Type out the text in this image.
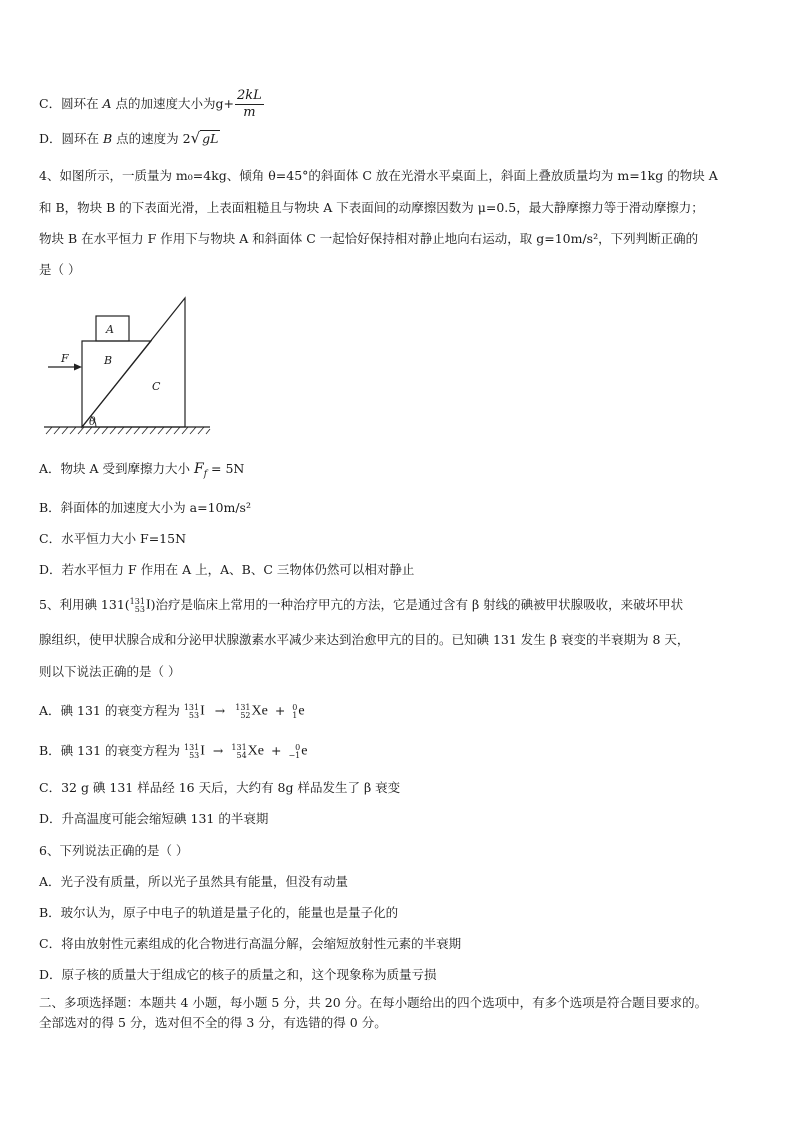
C．圆环在 A 点的加速度大小为$g+ \frac{2kL}{m}$
D．圆环在 B 点的速度为 2√ gL
4、如图所示，一质量为 m₀=4kg、倾角 θ=45°的斜面体 C 放在光滑水平桌面上，斜面上叠放质量均为 m=1kg 的物块 A
和 B，物块 B 的下表面光滑，上表面粗糙且与物块 A 下表面间的动摩擦因数为 μ=0.5，最大静摩擦力等于滑动摩擦力；
物块 B 在水平恒力 F 作用下与物块 A 和斜面体 C 一起恰好保持相对静止地向右运动，取 g=10m/s²，下列判断正确的
是（ ）
F
A
B
C
θ
A．物块 A 受到摩擦力大小 $F_f = 5N$
B．斜面体的加速度大小为 a=10m/s²
C．水平恒力大小 F=15N
D．若水平恒力 F 作用在 A 上，A、B、C 三物体仍然可以相对静止
5、利用碘 131( 131
53 I)治疗是临床上常用的一种治疗甲亢的方法，它是通过含有 β 射线的碘被甲状腺吸收，来破坏甲状
腺组织，使甲状腺合成和分泌甲状腺激素水平减少来达到治愈甲亢的目的。已知碘 131 发生 β 衰变的半衰期为 8 天，
则以下说法正确的是（ ）
A．碘 131 的衰变方程为 131
53 I → 131
52 Xe + 0
1 e
B．碘 131 的衰变方程为 131
53 I → 131
54 Xe +	0
−1 e
C．32 g 碘 131 样品经 16 天后，大约有 8g 样品发生了 β 衰变
D．升高温度可能会缩短碘 131 的半衰期
6、下列说法正确的是（ ）
A．光子没有质量，所以光子虽然具有能量，但没有动量
B．玻尔认为，原子中电子的轨道是量子化的，能量也是量子化的
C．将由放射性元素组成的化合物进行高温分解，会缩短放射性元素的半衰期
D．原子核的质量大于组成它的核子的质量之和，这个现象称为质量亏损
二、多项选择题：本题共 4 小题，每小题 5 分，共 20 分。在每小题给出的四个选项中，有多个选项是符合题目要求的。
全部选对的得 5 分，选对但不全的得 3 分，有选错的得 0 分。
